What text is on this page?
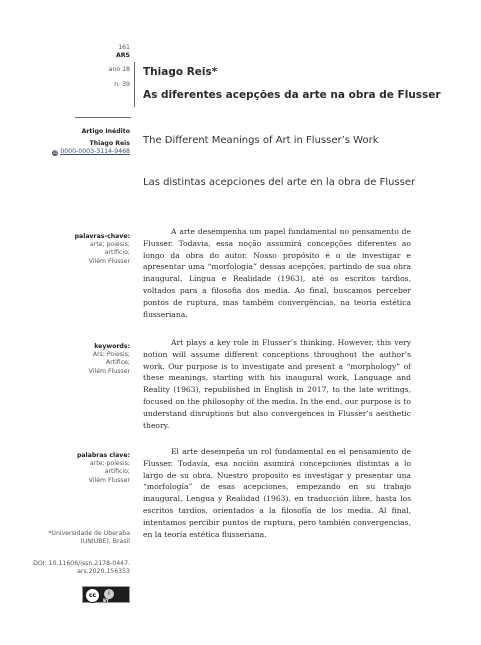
161
ARS
ano 18
n. 39
Thiago Reis*
As diferentes acepções da arte na obra de Flusser
Artigo Inédito
Thiago Reis
iD 0000-0003-3114-9468
The Different Meanings of Art in Flusser’s Work
Las distintas acepciones del arte en la obra de Flusser
palavras-chave:
arte; poiesis;
artifício;
Vilém Flusser

A arte desempenha um papel fundamental no pensamento de Flusser. Todavia, essa noção assumirá concepções diferentes ao longo da obra do autor. Nosso propósito é o de investigar e apresentar uma “morfologia” dessas acepções, partindo de sua obra inaugural, Língua e Realidade (1963), até os escritos tardios, voltados para a filosofia dos media. Ao final, buscamos perceber pontos de ruptura, mas também convergências, na teoria estética flusseriana.

keywords:
Ars; Poiesis;
Artifice;
Vilém Flusser

Art plays a key role in Flusser’s thinking. However, this very notion will assume different conceptions throughout the author’s work. Our purpose is to investigate and present a “morphology” of these meanings, starting with his inaugural work, Language and Reality (1963), republished in English in 2017, to the late writings, focused on the philosophy of the media. In the end, our purpose is to understand disruptions but also convergences in Flusser’s aesthetic theory.

palabras clave:
arte; poiesis;
artificio;
Vilém Flusser

El arte desempeña un rol fundamental en el pensamiento de Flusser. Todavía, esa noción asumirá concepciones distintas a lo largo de su obra. Nuestro proposito es investigar y presentar una “morfología” de esas acepciones, empezando en su trabajo inaugural, Lengua y Realidad (1963), en traducción libre, hasta los escritos tardíos, orientados a la filosofía de los media. Al final, intentamos percibir puntos de ruptura, pero también convergencias, en la teoría estética flusseriana.

*Universidade de Uberaba
(UNIUBE), Brasil
DOI: 10.11606/issn.2178-0447.
ars.2020.156353
cc	i
BY
